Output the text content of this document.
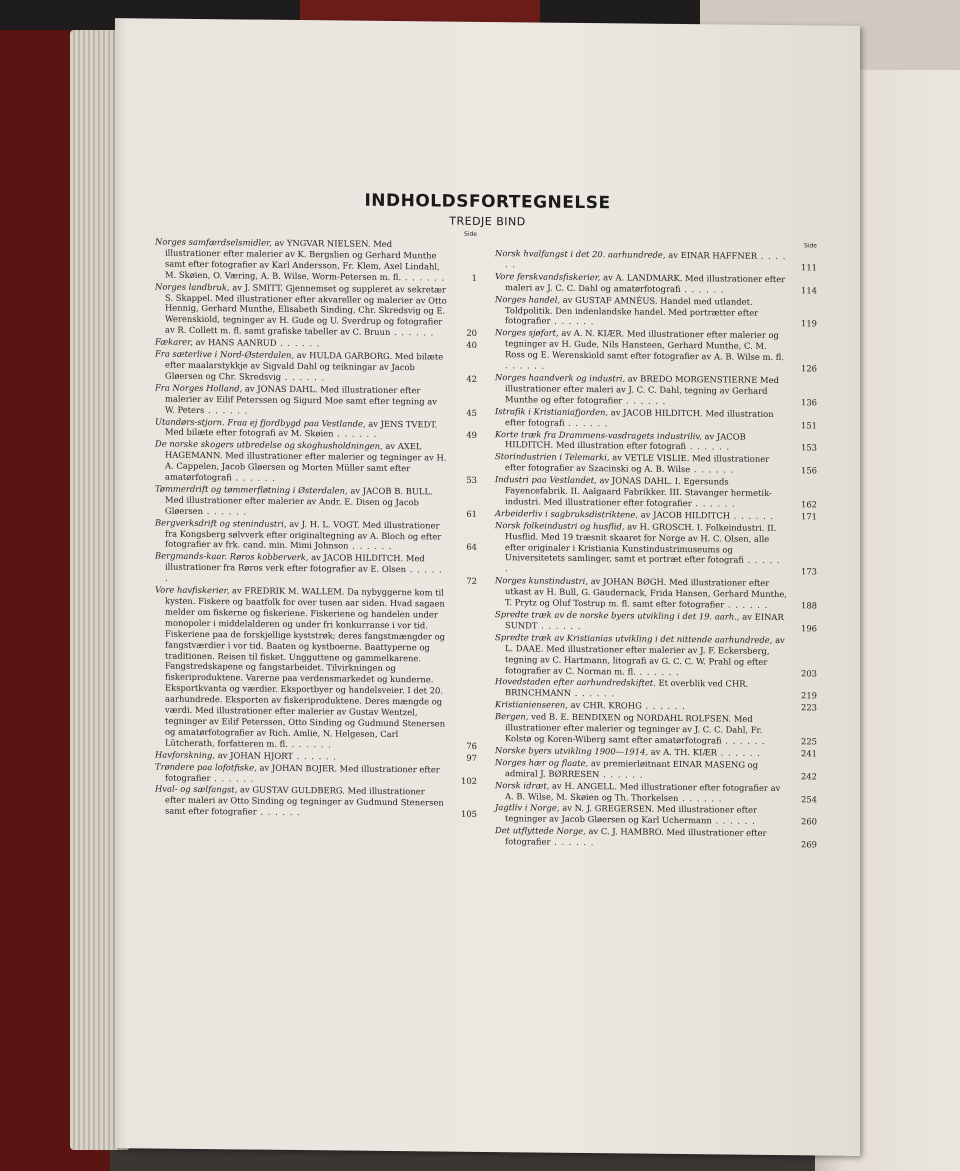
INDHOLDSFORTEGNELSE
TREDJE BIND
Side
Norges samfærdselsmidler, av YNGVAR NIELSEN. Med illustrationer efter malerier av K. Bergslien og Gerhard Munthe samt efter fotografier av Karl Andersson, Fr. Klem, Axel Lindahl, M. Skøien, O. Væring, A. B. Wilse, Worm-Petersen m. fl. . . . . . .	1
Norges landbruk, av J. SMITT. Gjennemset og suppleret av sekretær S. Skappel. Med illustrationer efter akvareller og malerier av Otto Hennig, Gerhard Munthe, Elisabeth Sinding, Chr. Skredsvig og E. Werenskiold, tegninger av H. Gude og U. Sverdrup og fotografier av R. Collett m. fl. samt grafiske tabeller av C. Bruun . . . . . .	20
Fækarer, av HANS AANRUD . . . . . .	40
Fra sæterlive i Nord-Østerdalen, av HULDA GARBORG. Med bilæte efter maalarstykkje av Sigvald Dahl og teikningar av Jacob Gløersen og Chr. Skredsvig . . . . . .	42
Fra Norges Holland, av JONAS DAHL. Med illustrationer efter malerier av Eilif Peterssen og Sigurd Moe samt efter tegning av W. Peters . . . . . .	45
Utandørs-stjorn. Fraa ej fjordbygd paa Vestlande, av JENS TVEDT. Med bilæte efter fotografi av M. Skøien . . . . . .	49
De norske skogers utbredelse og skoghusholdningen, av AXEL HAGEMANN. Med illustrationer efter malerier og tegninger av H. A. Cappelen, Jacob Gløersen og Morten Müller samt efter amatørfotografi . . . . . .	53
Tømmerdrift og tømmerfløtning i Østerdalen, av JACOB B. BULL. Med illustrationer efter malerier av Andr. E. Disen og Jacob Gløersen . . . . . .	61
Bergverksdrift og stenindustri, av J. H. L. VOGT. Med illustrationer fra Kongsberg sølvverk efter originaltegning av A. Bloch og efter fotografier av frk. cand. min. Mimi Johnson . . . . . .	64
Bergmands-kaar. Røros kobberverk, av JACOB HILDITCH. Med illustrationer fra Røros verk efter fotografier av E. Olsen . . . . . .	72
Vore havfiskerier, av FREDRIK M. WALLEM. Da nybyggerne kom til kysten. Fiskere og baatfolk for over tusen aar siden. Hvad sagaen melder om fiskerne og fiskeriene. Fiskeriene og handelen under monopoler i middelalderen og under fri konkurranse i vor tid. Fiskeriene paa de forskjellige kyststrøk; deres fangstmængder og fangstværdier i vor tid. Baaten og kystboerne. Baattyperne og traditionen. Reisen til fisket. Ungguttene og gammelkarene. Fangstredskapene og fangstarbeidet. Tilvirkningen og fiskeriproduktene. Varerne paa verdensmarkedet og kunderne. Eksportkvanta og værdier. Eksportbyer og handelsveier. I det 20. aarhundrede. Eksporten av fiskeriproduktene. Deres mængde og værdi. Med illustrationer efter malerier av Gustav Wentzel, tegninger av Eilif Peterssen, Otto Sinding og Gudmund Stenersen og amatørfotografier av Rich. Amlie, N. Helgesen, Carl Lütcherath, forfatteren m. fl. . . . . . .	76
Havforskning, av JOHAN HJORT . . . . . .	97
Trøndere paa lofotfiske, av JOHAN BOJER. Med illustrationer efter fotografier . . . . . .	102
Hval- og sælfangst, av GUSTAV GULDBERG. Med illustrationer efter maleri av Otto Sinding og tegninger av Gudmund Stenersen samt efter fotografier . . . . . .	105
Side
Norsk hvalfangst i det 20. aarhundrede, av EINAR HAFFNER . . . . . .	111
Vore ferskvandsfiskerier, av A. LANDMARK. Med illustrationer efter maleri av J. C. C. Dahl og amatørfotografi . . . . . .	114
Norges handel, av GUSTAF AMNÉUS. Handel med utlandet. Toldpolitik. Den indenlandske handel. Med portrætter efter fotografier . . . . . .	119
Norges sjøfart, av A. N. KIÆR. Med illustrationer efter malerier og tegninger av H. Gude, Nils Hansteen, Gerhard Munthe, C. M. Ross og E. Werenskiold samt efter fotografier av A. B. Wilse m. fl. . . . . . .	126
Norges haandverk og industri, av BREDO MORGENSTIERNE Med illustrationer efter maleri av J. C. C. Dahl, tegning av Gerhard Munthe og efter fotografier . . . . . .	136
Istrafik i Kristianiafjorden, av JACOB HILDITCH. Med illustration efter fotografi . . . . . .	151
Korte træk fra Drammens-vasdragets industriliv, av JACOB HILDITCH. Med illustration efter fotografi . . . . . .	153
Storindustrien i Telemarki, av VETLE VISLIE. Med illustrationer efter fotografier av Szacinski og A. B. Wilse . . . . . .	156
Industri paa Vestlandet, av JONAS DAHL. I. Egersunds Fayencefabrik. II. Aalgaard Fabrikker. III. Stavanger hermetik-industri. Med illustrationer efter fotografier . . . . . .	162
Arbeiderliv i sagbruksdistriktene, av JACOB HILDITCH . . . . . .	171
Norsk folkeindustri og husflid, av H. GROSCH. I. Folkeindustri. II. Husflid. Med 19 træsnit skaaret for Norge av H. C. Olsen, alle efter originaler i Kristiania Kunstindustrimuseums og Universitetets samlinger, samt et portræt efter fotografi . . . . . .	173
Norges kunstindustri, av JOHAN BØGH. Med illustrationer efter utkast av H. Bull, G. Gaudernack, Frida Hansen, Gerhard Munthe, T. Prytz og Oluf Tostrup m. fl. samt efter fotografier . . . . . .	188
Spredte træk av de norske byers utvikling i det 19. aarh., av EINAR SUNDT . . . . . .	196
Spredte træk av Kristianias utvikling i det nittende aarhundrede, av L. DAAE. Med illustrationer efter malerier av J. F. Eckersberg, tegning av C. Hartmann, litografi av G. C. C. W. Prahl og efter fotografier av C. Norman m. fl. . . . . . .	203
Hovedstaden efter aarhundredskiftet. Et overblik ved CHR. BRINCHMANN . . . . . .	219
Kristianienseren, av CHR. KROHG . . . . . .	223
Bergen, ved B. E. BENDIXEN og NORDAHL ROLFSEN. Med illustrationer efter malerier og tegninger av J. C. C. Dahl, Fr. Kolstø og Koren-Wiberg samt efter amatørfotografi . . . . . .	225
Norske byers utvikling 1900—1914, av A. TH. KIÆR . . . . . .	241
Norges hær og flaate, av premierløitnant EINAR MASENG og admiral J. BØRRESEN . . . . . .	242
Norsk idræt, av H. ANGELL. Med illustrationer efter fotografier av A. B. Wilse, M. Skøien og Th. Thorkelsen . . . . . .	254
Jagtliv i Norge, av N. J. GREGERSEN. Med illustrationer efter tegninger av Jacob Gløersen og Karl Uchermann . . . . . .	260
Det utflyttede Norge, av C. J. HAMBRO. Med illustrationer efter fotografier . . . . . .	269
